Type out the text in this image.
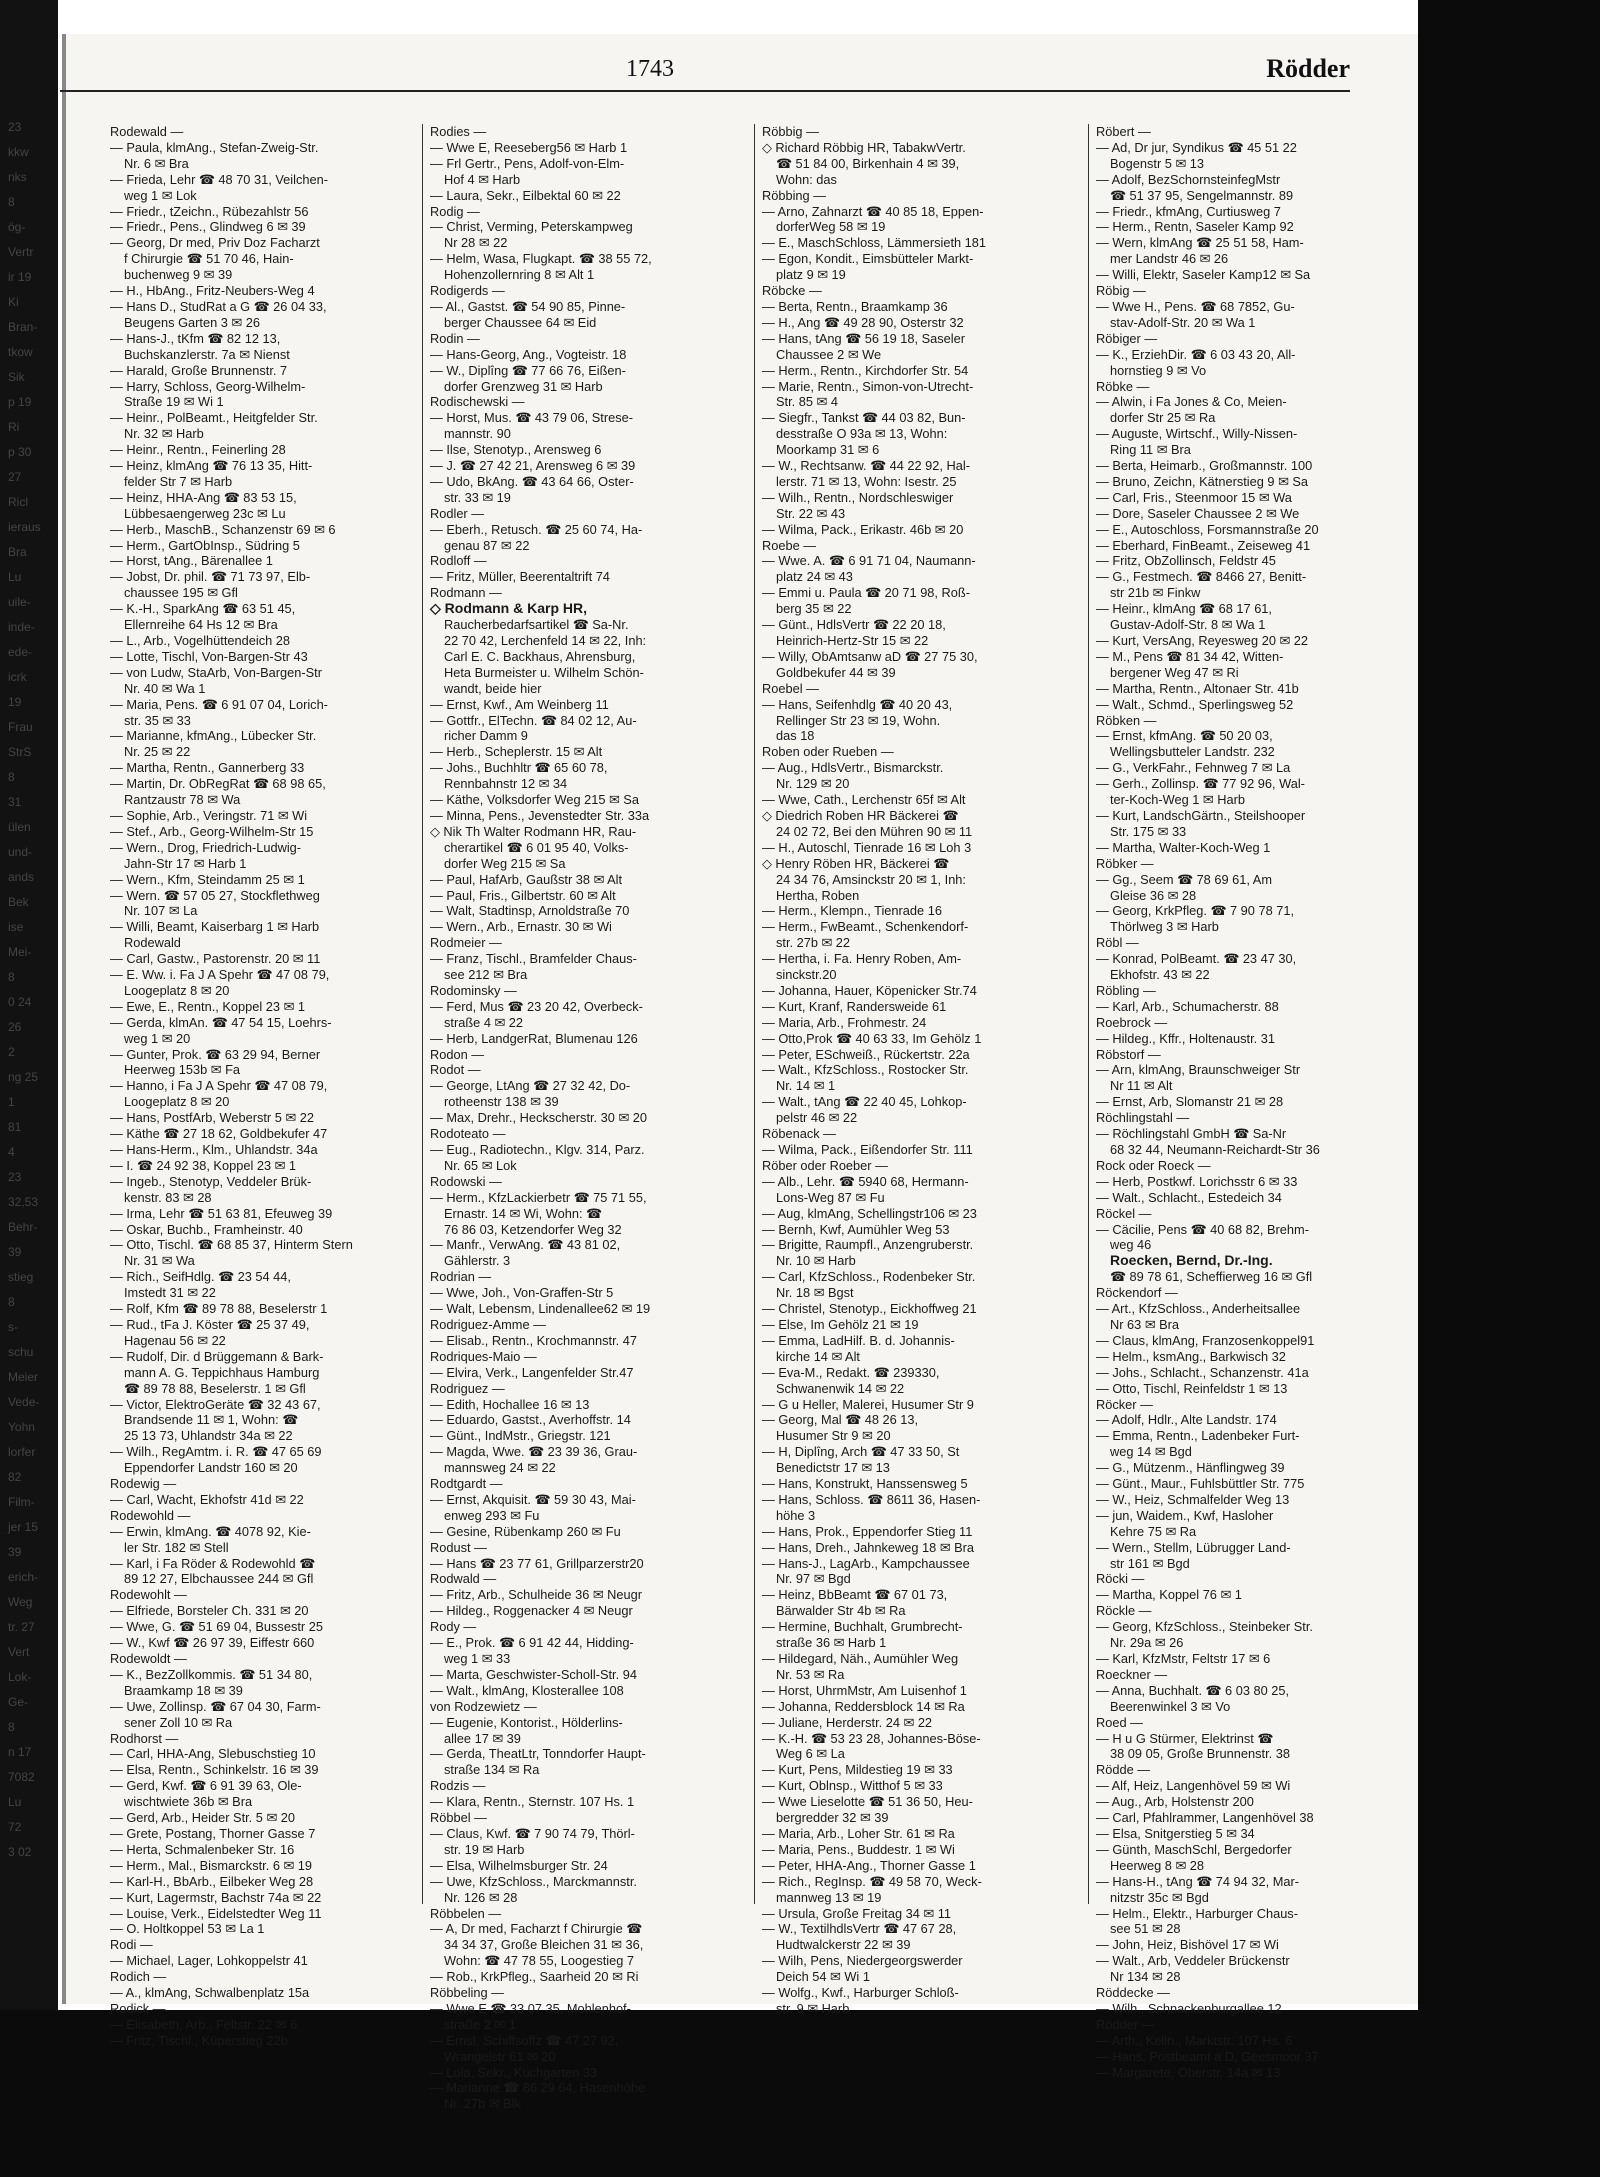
23
kkw
nks
8
ög-
Vertr
ir 19
Ki
Bran-
tkow
Sik
p 19
Ri
p 30
27
Ricl
ieraus
Bra
Lu
uile-
inde-
ede-
icrk
19
Frau
StrS
8
31
ülen
und-
ands
Bek
ise
Mei-
8
0 24
26
2
ng 25
1
81
4
23
32,53
Behr-
39
stieg
8
s-
schu
Meier
Vede-
Yohn
lorfer
82
Film-
jer 15
39
erich-
Weg
tr. 27
Vert
Lok-
Ge-
8
n 17
7082
Lu
72
3 02
1743	Rödder
Rodewald —
— Paula, klmAng., Stefan-Zweig-Str.
Nr. 6 ✉ Bra
— Frieda, Lehr ☎ 48 70 31, Veilchen-
weg 1 ✉ Lok
— Friedr., tZeichn., Rübezahlstr 56
— Friedr., Pens., Glindweg 6 ✉ 39
— Georg, Dr med, Priv Doz Facharzt
f Chirurgie ☎ 51 70 46, Hain-
buchenweg 9 ✉ 39
— H., HbAng., Fritz-Neubers-Weg 4
— Hans D., StudRat a G ☎ 26 04 33,
Beugens Garten 3 ✉ 26
— Hans-J., tKfm ☎ 82 12 13,
Buchskanzlerstr. 7a ✉ Nienst
— Harald, Große Brunnenstr. 7
— Harry, Schloss, Georg-Wilhelm-
Straße 19 ✉ Wi 1
— Heinr., PolBeamt., Heitgfelder Str.
Nr. 32 ✉ Harb
— Heinr., Rentn., Feinerling 28
— Heinz, klmAng ☎ 76 13 35, Hitt-
felder Str 7 ✉ Harb
— Heinz, HHA-Ang ☎ 83 53 15,
Lübbesaengerweg 23c ✉ Lu
— Herb., MaschB., Schanzenstr 69 ✉ 6
— Herm., GartObInsp., Südring 5
— Horst, tAng., Bärenallee 1
— Jobst, Dr. phil. ☎ 71 73 97, Elb-
chaussee 195 ✉ Gfl
— K.-H., SparkAng ☎ 63 51 45,
Ellernreihe 64 Hs 12 ✉ Bra
— L., Arb., Vogelhüttendeich 28
— Lotte, Tischl, Von-Bargen-Str 43
— von Ludw, StaArb, Von-Bargen-Str
Nr. 40 ✉ Wa 1
— Maria, Pens. ☎ 6 91 07 04, Lorich-
str. 35 ✉ 33
— Marianne, kfmAng., Lübecker Str.
Nr. 25 ✉ 22
— Martha, Rentn., Gannerberg 33
— Martin, Dr. ObRegRat ☎ 68 98 65,
Rantzaustr 78 ✉ Wa
— Sophie, Arb., Veringstr. 71 ✉ Wi
— Stef., Arb., Georg-Wilhelm-Str 15
— Wern., Drog, Friedrich-Ludwig-
Jahn-Str 17 ✉ Harb 1
— Wern., Kfm, Steindamm 25 ✉ 1
— Wern. ☎ 57 05 27, Stockflethweg
Nr. 107 ✉ La
— Willi, Beamt, Kaiserbarg 1 ✉ Harb
Rodewald
— Carl, Gastw., Pastorenstr. 20 ✉ 11
— E. Ww. i. Fa J A Spehr ☎ 47 08 79,
Loogeplatz 8 ✉ 20
— Ewe, E., Rentn., Koppel 23 ✉ 1
— Gerda, klmAn. ☎ 47 54 15, Loehrs-
weg 1 ✉ 20
— Gunter, Prok. ☎ 63 29 94, Berner
Heerweg 153b ✉ Fa
— Hanno, i Fa J A Spehr ☎ 47 08 79,
Loogeplatz 8 ✉ 20
— Hans, PostfArb, Weberstr 5 ✉ 22
— Käthe ☎ 27 18 62, Goldbekufer 47
— Hans-Herm., Klm., Uhlandstr. 34a
— I. ☎ 24 92 38, Koppel 23 ✉ 1
— Ingeb., Stenotyp, Veddeler Brük-
kenstr. 83 ✉ 28
— Irma, Lehr ☎ 51 63 81, Efeuweg 39
— Oskar, Buchb., Framheinstr. 40
— Otto, Tischl. ☎ 68 85 37, Hinterm Stern
Nr. 31 ✉ Wa
— Rich., SeifHdlg. ☎ 23 54 44,
Imstedt 31 ✉ 22
— Rolf, Kfm ☎ 89 78 88, Beselerstr 1
— Rud., tFa J. Köster ☎ 25 37 49,
Hagenau 56 ✉ 22
— Rudolf, Dir. d Brüggemann & Bark-
mann A. G. Teppichhaus Hamburg
☎ 89 78 88, Beselerstr. 1 ✉ Gfl
— Victor, ElektroGeräte ☎ 32 43 67,
Brandsende 11 ✉ 1, Wohn: ☎
25 13 73, Uhlandstr 34a ✉ 22
— Wilh., RegAmtm. i. R. ☎ 47 65 69
Eppendorfer Landstr 160 ✉ 20
Rodewig —
— Carl, Wacht, Ekhofstr 41d ✉ 22
Rodewohld —
— Erwin, klmAng. ☎ 4078 92, Kie-
ler Str. 182 ✉ Stell
— Karl, i Fa Röder & Rodewohld ☎
89 12 27, Elbchaussee 244 ✉ Gfl
Rodewohlt —
— Elfriede, Borsteler Ch. 331 ✉ 20
— Wwe, G. ☎ 51 69 04, Bussestr 25
— W., Kwf ☎ 26 97 39, Eiffestr 660
Rodewoldt —
— K., BezZollkommis. ☎ 51 34 80,
Braamkamp 18 ✉ 39
— Uwe, Zollinsp. ☎ 67 04 30, Farm-
sener Zoll 10 ✉ Ra
Rodhorst —
— Carl, HHA-Ang, Slebuschstieg 10
— Elsa, Rentn., Schinkelstr. 16 ✉ 39
— Gerd, Kwf. ☎ 6 91 39 63, Ole-
wischtwiete 36b ✉ Bra
— Gerd, Arb., Heider Str. 5 ✉ 20
— Grete, Postang, Thorner Gasse 7
— Herta, Schmalenbeker Str. 16
— Herm., Mal., Bismarckstr. 6 ✉ 19
— Karl-H., BbArb., Eilbeker Weg 28
— Kurt, Lagermstr, Bachstr 74a ✉ 22
— Louise, Verk., Eidelstedter Weg 11
— O. Holtkoppel 53 ✉ La 1
Rodi —
— Michael, Lager, Lohkoppelstr 41
Rodich —
— A., klmAng, Schwalbenplatz 15a
Rodick —
— Elisabeth, Arb., Feltstr. 22 ✉ 6
— Fritz, Tischl., Küperstieg 22b
Rodies —
— Wwe E, Reeseberg56 ✉ Harb 1
— Frl Gertr., Pens, Adolf-von-Elm-
Hof 4 ✉ Harb
— Laura, Sekr., Eilbektal 60 ✉ 22
Rodig —
— Christ, Verming, Peterskampweg
Nr 28 ✉ 22
— Helm, Wasa, Flugkapt. ☎ 38 55 72,
Hohenzollernring 8 ✉ Alt 1
Rodigerds —
— Al., Gastst. ☎ 54 90 85, Pinne-
berger Chaussee 64 ✉ Eid
Rodin —
— Hans-Georg, Ang., Vogteistr. 18
— W., Diplîng ☎ 77 66 76, Eißen-
dorfer Grenzweg 31 ✉ Harb
Rodischewski —
— Horst, Mus. ☎ 43 79 06, Strese-
mannstr. 90
— Ilse, Stenotyp., Arensweg 6
— J. ☎ 27 42 21, Arensweg 6 ✉ 39
— Udo, BkAng. ☎ 43 64 66, Oster-
str. 33 ✉ 19
Rodler —
— Eberh., Retusch. ☎ 25 60 74, Ha-
genau 87 ✉ 22
Rodloff —
— Fritz, Müller, Beerentaltrift 74
Rodmann —
◇ Rodmann & Karp HR,
Raucherbedarfsartikel ☎ Sa-Nr.
22 70 42, Lerchenfeld 14 ✉ 22, Inh:
Carl E. C. Backhaus, Ahrensburg,
Heta Burmeister u. Wilhelm Schön-
wandt, beide hier
— Ernst, Kwf., Am Weinberg 11
— Gottfr., ElTechn. ☎ 84 02 12, Au-
richer Damm 9
— Herb., Scheplerstr. 15 ✉ Alt
— Johs., Buchhltr ☎ 65 60 78,
Rennbahnstr 12 ✉ 34
— Käthe, Volksdorfer Weg 215 ✉ Sa
— Minna, Pens., Jevenstedter Str. 33a
◇ Nik Th Walter Rodmann HR, Rau-
cherartikel ☎ 6 01 95 40, Volks-
dorfer Weg 215 ✉ Sa
— Paul, HafArb, Gaußstr 38 ✉ Alt
— Paul, Fris., Gilbertstr. 60 ✉ Alt
— Walt, Stadtinsp, Arnoldstraße 70
— Wern., Arb., Ernastr. 30 ✉ Wi
Rodmeier —
— Franz, Tischl., Bramfelder Chaus-
see 212 ✉ Bra
Rodominsky —
— Ferd, Mus ☎ 23 20 42, Overbeck-
straße 4 ✉ 22
— Herb, LandgerRat, Blumenau 126
Rodon —
Rodot —
— George, LtAng ☎ 27 32 42, Do-
rotheenstr 138 ✉ 39
— Max, Drehr., Heckscherstr. 30 ✉ 20
Rodoteato —
— Eug., Radiotechn., Klgv. 314, Parz.
Nr. 65 ✉ Lok
Rodowski —
— Herm., KfzLackierbetr ☎ 75 71 55,
Ernastr. 14 ✉ Wi, Wohn: ☎
76 86 03, Ketzendorfer Weg 32
— Manfr., VerwAng. ☎ 43 81 02,
Gählerstr. 3
Rodrian —
— Wwe, Joh., Von-Graffen-Str 5
— Walt, Lebensm, Lindenallee62 ✉ 19
Rodriguez-Amme —
— Elisab., Rentn., Krochmannstr. 47
Rodriques-Maio —
— Elvira, Verk., Langenfelder Str.47
Rodriguez —
— Edith, Hochallee 16 ✉ 13
— Eduardo, Gastst., Averhoffstr. 14
— Günt., IndMstr., Griegstr. 121
— Magda, Wwe. ☎ 23 39 36, Grau-
mannsweg 24 ✉ 22
Rodtgardt —
— Ernst, Akquisit. ☎ 59 30 43, Mai-
enweg 293 ✉ Fu
— Gesine, Rübenkamp 260 ✉ Fu
Rodust —
— Hans ☎ 23 77 61, Grillparzerstr20
Rodwald —
— Fritz, Arb., Schulheide 36 ✉ Neugr
— Hildeg., Roggenacker 4 ✉ Neugr
Rody —
— E., Prok. ☎ 6 91 42 44, Hidding-
weg 1 ✉ 33
— Marta, Geschwister-Scholl-Str. 94
— Walt., klmAng, Klosterallee 108
von Rodzewietz —
— Eugenie, Kontorist., Hölderlins-
allee 17 ✉ 39
— Gerda, TheatLtr, Tonndorfer Haupt-
straße 134 ✉ Ra
Rodzis —
— Klara, Rentn., Sternstr. 107 Hs. 1
Röbbel —
— Claus, Kwf. ☎ 7 90 74 79, Thörl-
str. 19 ✉ Harb
— Elsa, Wilhelmsburger Str. 24
— Uwe, KfzSchloss., Marckmannstr.
Nr. 126 ✉ 28
Röbbelen —
— A, Dr med, Facharzt f Chirurgie ☎
34 34 37, Große Bleichen 31 ✉ 36,
Wohn: ☎ 47 78 55, Loogestieg 7
— Rob., KrkPfleg., Saarheid 20 ✉ Ri
Röbbeling —
— Wwe E ☎ 33 07 35, Mohlenhof-
straße 2 ✉ 1
— Ernst, Schiffsoffz ☎ 47 27 92,
Wrangelstr 61 ✉ 20
— Lola, Sekr., Kuchgarten 33
— Marianne ☎ 86 29 64, Hasenhöhe
Nr. 27b ✉ Blk
Röbbig —
◇ Richard Röbbig HR, TabakwVertr.
☎ 51 84 00, Birkenhain 4 ✉ 39,
Wohn: das
Röbbing —
— Arno, Zahnarzt ☎ 40 85 18, Eppen-
dorferWeg 58 ✉ 19
— E., MaschSchloss, Lämmersieth 181
— Egon, Kondit., Eimsbütteler Markt-
platz 9 ✉ 19
Röbcke —
— Berta, Rentn., Braamkamp 36
— H., Ang ☎ 49 28 90, Osterstr 32
— Hans, tAng ☎ 56 19 18, Saseler
Chaussee 2 ✉ We
— Herm., Rentn., Kirchdorfer Str. 54
— Marie, Rentn., Simon-von-Utrecht-
Str. 85 ✉ 4
— Siegfr., Tankst ☎ 44 03 82, Bun-
desstraße O 93a ✉ 13, Wohn:
Moorkamp 31 ✉ 6
— W., Rechtsanw. ☎ 44 22 92, Hal-
lerstr. 71 ✉ 13, Wohn: Isestr. 25
— Wilh., Rentn., Nordschleswiger
Str. 22 ✉ 43
— Wilma, Pack., Erikastr. 46b ✉ 20
Roebe —
— Wwe. A. ☎ 6 91 71 04, Naumann-
platz 24 ✉ 43
— Emmi u. Paula ☎ 20 71 98, Roß-
berg 35 ✉ 22
— Günt., HdlsVertr ☎ 22 20 18,
Heinrich-Hertz-Str 15 ✉ 22
— Willy, ObAmtsanw aD ☎ 27 75 30,
Goldbekufer 44 ✉ 39
Roebel —
— Hans, Seifenhdlg ☎ 40 20 43,
Rellinger Str 23 ✉ 19, Wohn.
das 18
Roben oder Rueben —
— Aug., HdlsVertr., Bismarckstr.
Nr. 129 ✉ 20
— Wwe, Cath., Lerchenstr 65f ✉ Alt
◇ Diedrich Roben HR Bäckerei ☎
24 02 72, Bei den Mühren 90 ✉ 11
— H., Autoschl, Tienrade 16 ✉ Loh 3
◇ Henry Röben HR, Bäckerei ☎
24 34 76, Amsinckstr 20 ✉ 1, Inh:
Hertha, Roben
— Herm., Klempn., Tienrade 16
— Herm., FwBeamt., Schenkendorf-
str. 27b ✉ 22
— Hertha, i. Fa. Henry Roben, Am-
sinckstr.20
— Johanna, Hauer, Köpenicker Str.74
— Kurt, Kranf, Randersweide 61
— Maria, Arb., Frohmestr. 24
— Otto,Prok ☎ 40 63 33, Im Gehölz 1
— Peter, ESchweiß., Rückertstr. 22a
— Walt., KfzSchloss., Rostocker Str.
Nr. 14 ✉ 1
— Walt., tAng ☎ 22 40 45, Lohkop-
pelstr 46 ✉ 22
Röbenack —
— Wilma, Pack., Eißendorfer Str. 111
Röber oder Roeber —
— Alb., Lehr. ☎ 5940 68, Hermann-
Lons-Weg 87 ✉ Fu
— Aug, klmAng, Schellingstr106 ✉ 23
— Bernh, Kwf, Aumühler Weg 53
— Brigitte, Raumpfl., Anzengruberstr.
Nr. 10 ✉ Harb
— Carl, KfzSchloss., Rodenbeker Str.
Nr. 18 ✉ Bgst
— Christel, Stenotyp., Eickhoffweg 21
— Else, Im Gehölz 21 ✉ 19
— Emma, LadHilf. B. d. Johannis-
kirche 14 ✉ Alt
— Eva-M., Redakt. ☎ 239330,
Schwanenwik 14 ✉ 22
— G u Heller, Malerei, Husumer Str 9
— Georg, Mal ☎ 48 26 13,
Husumer Str 9 ✉ 20
— H, Diplîng, Arch ☎ 47 33 50, St
Benedictstr 17 ✉ 13
— Hans, Konstrukt, Hanssensweg 5
— Hans, Schloss. ☎ 8611 36, Hasen-
höhe 3
— Hans, Prok., Eppendorfer Stieg 11
— Hans, Dreh., Jahnkeweg 18 ✉ Bra
— Hans-J., LagArb., Kampchaussee
Nr. 97 ✉ Bgd
— Heinz, BbBeamt ☎ 67 01 73,
Bärwalder Str 4b ✉ Ra
— Hermine, Buchhalt, Grumbrecht-
straße 36 ✉ Harb 1
— Hildegard, Näh., Aumühler Weg
Nr. 53 ✉ Ra
— Horst, UhrmMstr, Am Luisenhof 1
— Johanna, Reddersblock 14 ✉ Ra
— Juliane, Herderstr. 24 ✉ 22
— K.-H. ☎ 53 23 28, Johannes-Böse-
Weg 6 ✉ La
— Kurt, Pens, Mildestieg 19 ✉ 33
— Kurt, Oblnsp., Witthof 5 ✉ 33
— Wwe Lieselotte ☎ 51 36 50, Heu-
bergredder 32 ✉ 39
— Maria, Arb., Loher Str. 61 ✉ Ra
— Maria, Pens., Buddestr. 1 ✉ Wi
— Peter, HHA-Ang., Thorner Gasse 1
— Rich., RegInsp. ☎ 49 58 70, Weck-
mannweg 13 ✉ 19
— Ursula, Große Freitag 34 ✉ 11
— W., TextilhdlsVertr ☎ 47 67 28,
Hudtwalckerstr 22 ✉ 39
— Wilh, Pens, Niedergeorgswerder
Deich 54 ✉ Wi 1
— Wolfg., Kwf., Harburger Schloß-
str. 9 ✉ Harb
Röbert —
— Ad, Dr jur, Syndikus ☎ 45 51 22
Bogenstr 5 ✉ 13
— Adolf, BezSchornsteinfegMstr
☎ 51 37 95, Sengelmannstr. 89
— Friedr., kfmAng, Curtiusweg 7
— Herm., Rentn, Saseler Kamp 92
— Wern, klmAng ☎ 25 51 58, Ham-
mer Landstr 46 ✉ 26
— Willi, Elektr, Saseler Kamp12 ✉ Sa
Röbig —
— Wwe H., Pens. ☎ 68 7852, Gu-
stav-Adolf-Str. 20 ✉ Wa 1
Röbiger —
— K., ErziehDir. ☎ 6 03 43 20, All-
hornstieg 9 ✉ Vo
Röbke —
— Alwin, i Fa Jones & Co, Meien-
dorfer Str 25 ✉ Ra
— Auguste, Wirtschf., Willy-Nissen-
Ring 11 ✉ Bra
— Berta, Heimarb., Großmannstr. 100
— Bruno, Zeichn, Kätnerstieg 9 ✉ Sa
— Carl, Fris., Steenmoor 15 ✉ Wa
— Dore, Saseler Chaussee 2 ✉ We
— E., Autoschloss, Forsmannstraße 20
— Eberhard, FinBeamt., Zeiseweg 41
— Fritz, ObZollinsch, Feldstr 45
— G., Festmech. ☎ 8466 27, Benitt-
str 21b ✉ Finkw
— Heinr., klmAng ☎ 68 17 61,
Gustav-Adolf-Str. 8 ✉ Wa 1
— Kurt, VersAng, Reyesweg 20 ✉ 22
— M., Pens ☎ 81 34 42, Witten-
bergener Weg 47 ✉ Ri
— Martha, Rentn., Altonaer Str. 41b
— Walt., Schmd., Sperlingsweg 52
Röbken —
— Ernst, kfmAng. ☎ 50 20 03,
Wellingsbutteler Landstr. 232
— G., VerkFahr., Fehnweg 7 ✉ La
— Gerh., Zollinsp. ☎ 77 92 96, Wal-
ter-Koch-Weg 1 ✉ Harb
— Kurt, LandschGärtn., Steilshooper
Str. 175 ✉ 33
— Martha, Walter-Koch-Weg 1
Röbker —
— Gg., Seem ☎ 78 69 61, Am
Gleise 36 ✉ 28
— Georg, KrkPfleg. ☎ 7 90 78 71,
Thörlweg 3 ✉ Harb
Röbl —
— Konrad, PolBeamt. ☎ 23 47 30,
Ekhofstr. 43 ✉ 22
Röbling —
— Karl, Arb., Schumacherstr. 88
Roebrock —
— Hildeg., Kffr., Holtenaustr. 31
Röbstorf —
— Arn, klmAng, Braunschweiger Str
Nr 11 ✉ Alt
— Ernst, Arb, Slomanstr 21 ✉ 28
Röchlingstahl —
— Röchlingstahl GmbH ☎ Sa-Nr
68 32 44, Neumann-Reichardt-Str 36
Rock oder Roeck —
— Herb, Postkwf. Lorichsstr 6 ✉ 33
— Walt., Schlacht., Estedeich 34
Röckel —
— Cäcilie, Pens ☎ 40 68 82, Brehm-
weg 46
Roecken, Bernd, Dr.-Ing.
☎ 89 78 61, Scheffierweg 16 ✉ Gfl
Röckendorf —
— Art., KfzSchloss., Anderheitsallee
Nr 63 ✉ Bra
— Claus, klmAng, Franzosenkoppel91
— Helm., ksmAng., Barkwisch 32
— Johs., Schlacht., Schanzenstr. 41a
— Otto, Tischl, Reinfeldstr 1 ✉ 13
Röcker —
— Adolf, Hdlr., Alte Landstr. 174
— Emma, Rentn., Ladenbeker Furt-
weg 14 ✉ Bgd
— G., Mützenm., Hänflingweg 39
— Günt., Maur., Fuhlsbüttler Str. 775
— W., Heiz, Schmalfelder Weg 13
— jun, Waidem., Kwf, Hasloher
Kehre 75 ✉ Ra
— Wern., Stellm, Lübrugger Land-
str 161 ✉ Bgd
Röcki —
— Martha, Koppel 76 ✉ 1
Röckle —
— Georg, KfzSchloss., Steinbeker Str.
Nr. 29a ✉ 26
— Karl, KfzMstr, Feltstr 17 ✉ 6
Roeckner —
— Anna, Buchhalt. ☎ 6 03 80 25,
Beerenwinkel 3 ✉ Vo
Roed —
— H u G Stürmer, Elektrinst ☎
38 09 05, Große Brunnenstr. 38
Rödde —
— Alf, Heiz, Langenhövel 59 ✉ Wi
— Aug., Arb, Holstenstr 200
— Carl, Pfahlrammer, Langenhövel 38
— Elsa, Snitgerstieg 5 ✉ 34
— Günth, MaschSchl, Bergedorfer
Heerweg 8 ✉ 28
— Hans-H., tAng ☎ 74 94 32, Mar-
nitzstr 35c ✉ Bgd
— Helm., Elektr., Harburger Chaus-
see 51 ✉ 28
— John, Heiz, Bishövel 17 ✉ Wi
— Walt., Arb, Veddeler Brückenstr
Nr 134 ✉ 28
Röddecke —
— Wilh., Schnackenburgallee 12
Rödder —
— Arth., Kelln., Marktstr. 107 Hs. 6
— Hans, Postbeamt a D, Geesmoor 37
— Margarete, Oberstr. 14a ✉ 13
